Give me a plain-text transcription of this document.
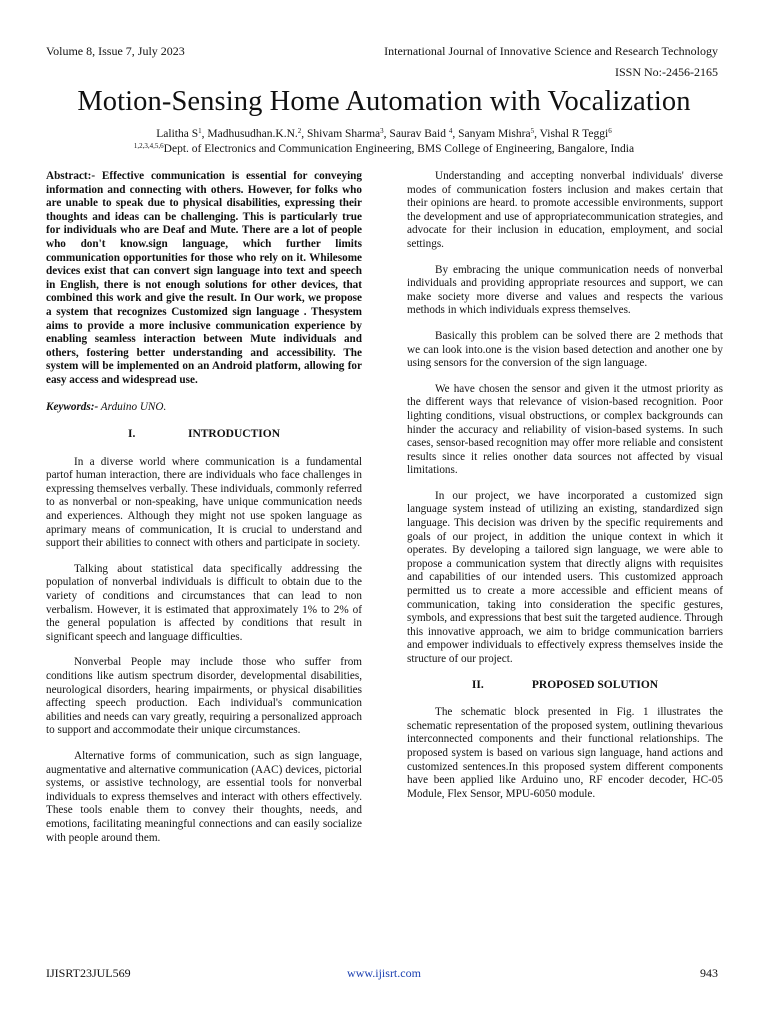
Volume 8, Issue 7, July 2023	International Journal of Innovative Science and Research Technology
ISSN No:-2456-2165
Motion-Sensing Home Automation with Vocalization
Lalitha $S^1$, Madhusudhan.K.N.$^2$, Shivam Sharma$^3$, Saurav Baid $^4$, Sanyam Mishra$^5$, Vishal R Teggi$^6$
$^{1,2,3,4,5,6}$Dept. of Electronics and Communication Engineering, BMS College of Engineering, Bangalore, India

Abstract:- Effective communication is essential for conveying information and connecting with others. However, for folks who are unable to speak due to physical disabilities, expressing their thoughts and ideas can be challenging. This is particularly true for individuals who are Deaf and Mute. There are a lot of people who don't know.sign language, which further limits communication opportunities for those who rely on it. Whilesome devices exist that can convert sign language into text and speech in English, there is not enough solutions for other devices, that combined this work and give the result. In Our work, we propose a system that recognizes Customized sign language . Thesystem aims to provide a more inclusive communication experience by enabling seamless interaction between Mute individuals and others, fostering better understanding and accessibility. The system will be implemented on an Android platform, allowing for easy access and widespread use.

Keywords:- Arduino UNO.

I.	INTRODUCTION

In a diverse world where communication is a fundamental partof human interaction, there are individuals who face challenges in expressing themselves verbally. These individuals, commonly referred to as nonverbal or non-speaking, have unique communication needs and experiences. Although they might not use spoken language as aprimary means of communication, It is crucial to understand and support their abilities to connect with others and participate in society.

Talking about statistical data specifically addressing the population of nonverbal individuals is difficult to obtain due to the variety of conditions and circumstances that can lead to non verbalism. However, it is estimated that approximately 1% to 2% of the general population is affected by conditions that result in significant speech and language difficulties.

Nonverbal People may include those who suffer from conditions like autism spectrum disorder, developmental disabilities, neurological disorders, hearing impairments, or physical disabilities affecting speech production. Each individual's communication abilities and needs can vary greatly, requiring a personalized approach to support and accommodate their unique circumstances.

Alternative forms of communication, such as sign language, augmentative and alternative communication (AAC) devices, pictorial systems, or assistive technology, are essential tools for nonverbal individuals to express themselves and interact with others effectively. These tools enable them to convey their thoughts, needs, and emotions, facilitating meaningful connections and can easily socialize with people around them.

Understanding and accepting nonverbal individuals' diverse modes of communication fosters inclusion and makes certain that their opinions are heard. to promote accessible environments, support the development and use of appropriatecommunication strategies, and advocate for their inclusion in education, employment, and social settings.

By embracing the unique communication needs of nonverbal individuals and providing appropriate resources and support, we can make society more diverse and values and respects the various methods in which individuals express themselves.

Basically this problem can be solved there are 2 methods that we can look into.one is the vision based detection and another one by using sensors for the conversion of the sign language.

We have chosen the sensor and given it the utmost priority as the different ways that relevance of vision-based recognition. Poor lighting conditions, visual obstructions, or complex backgrounds can hinder the accuracy and reliability of vision-based systems. In such cases, sensor-based recognition may offer more reliable and consistent results since it relies onother data sources not affected by visual limitations.

In our project, we have incorporated a customized sign language system instead of utilizing an existing, standardized sign language. This decision was driven by the specific requirements and goals of our project, in addition the unique context in which it operates. By developing a tailored sign language, we were able to propose a communication system that directly aligns with requisites and capabilities of our intended users. This customized approach permitted us to create a more accessible and efficient means of communication, taking into consideration the specific gestures, symbols, and expressions that best suit the targeted audience. Through this innovative approach, we aim to bridge communication barriers and empower individuals to effectively express themselves inside the structure of our project.

II.	PROPOSED SOLUTION

The schematic block presented in Fig. 1 illustrates the schematic representation of the proposed system, outlining thevarious interconnected components and their functional relationships. The proposed system is based on various sign language, hand actions and customized sentences.In this proposed system different components have been applied like Arduino uno, RF encoder decoder, HC-05 Module, Flex Sensor, MPU-6050 module.

IJISRT23JUL569	www.ijisrt.com	943
